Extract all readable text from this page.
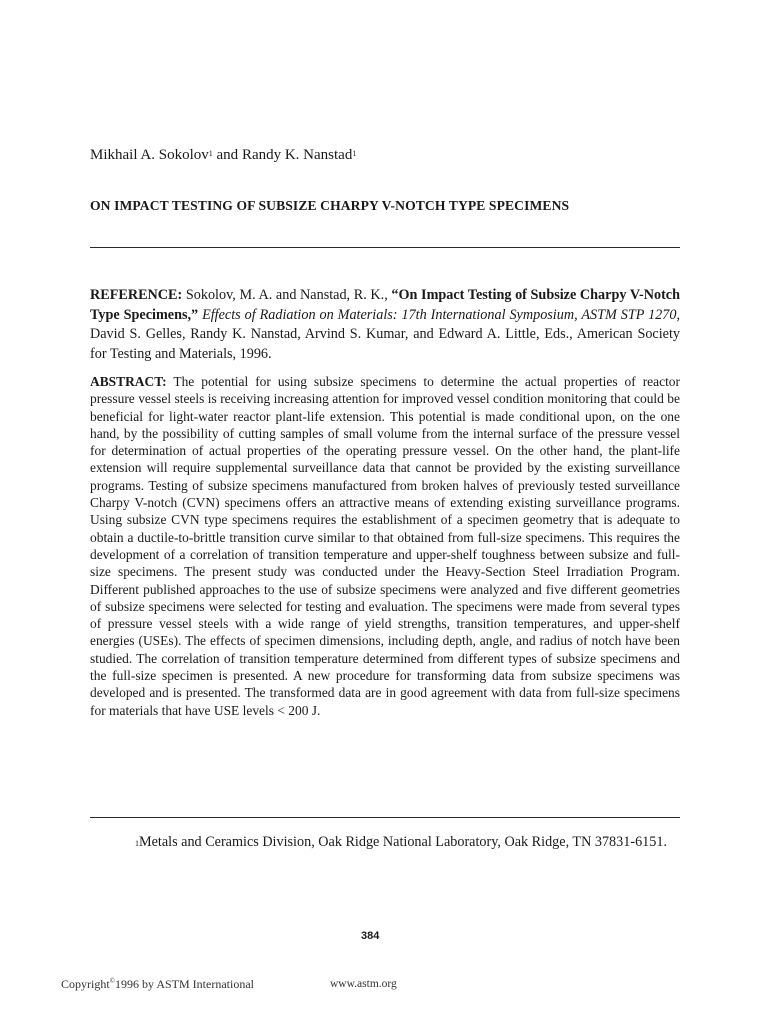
Mikhail A. Sokolov$^1$ and Randy K. Nanstad$^1$
ON IMPACT TESTING OF SUBSIZE CHARPY V-NOTCH TYPE SPECIMENS
REFERENCE: Sokolov, M. A. and Nanstad, R. K., “On Impact Testing of Subsize Charpy V-Notch Type Specimens,” Effects of Radiation on Materials: 17th International Symposium, ASTM STP 1270, David S. Gelles, Randy K. Nanstad, Arvind S. Kumar, and Edward A. Little, Eds., American Society for Testing and Materials, 1996.
ABSTRACT: The potential for using subsize specimens to determine the actual properties of reactor pressure vessel steels is receiving increasing attention for improved vessel condition monitoring that could be beneficial for light-water reactor plant-life extension. This potential is made conditional upon, on the one hand, by the possibility of cutting samples of small volume from the internal surface of the pressure vessel for determination of actual properties of the operating pressure vessel. On the other hand, the plant-life extension will require supplemental surveillance data that cannot be provided by the existing surveillance programs. Testing of subsize specimens manufactured from broken halves of previously tested surveillance Charpy V-notch (CVN) specimens offers an attractive means of extending existing surveillance programs. Using subsize CVN type specimens requires the establishment of a specimen geometry that is adequate to obtain a ductile-to-brittle transition curve similar to that obtained from full-size specimens. This requires the development of a correlation of transition temperature and upper-shelf toughness between subsize and full-size specimens. The present study was conducted under the Heavy-Section Steel Irradiation Program. Different published approaches to the use of subsize specimens were analyzed and five different geometries of subsize specimens were selected for testing and evaluation. The specimens were made from several types of pressure vessel steels with a wide range of yield strengths, transition temperatures, and upper-shelf energies (USEs). The effects of specimen dimensions, including depth, angle, and radius of notch have been studied. The correlation of transition temperature determined from different types of subsize specimens and the full-size specimen is presented. A new procedure for transforming data from subsize specimens was developed and is presented. The transformed data are in good agreement with data from full-size specimens for materials that have USE levels < 200 J.
$^1$Metals and Ceramics Division, Oak Ridge National Laboratory, Oak Ridge, TN 37831-6151.
384
Copyright©1996 by ASTM International	www.astm.org
